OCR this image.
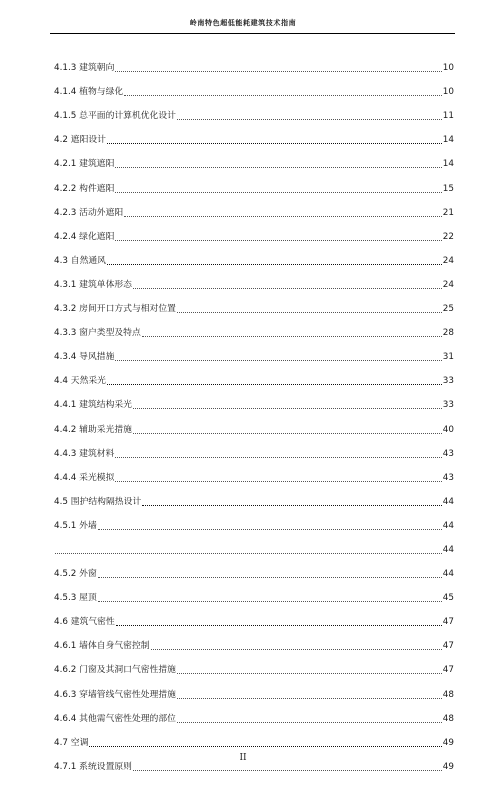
岭南特色超低能耗建筑技术指南
4.1.3 建筑朝向	10
4.1.4 植物与绿化	10
4.1.5 总平面的计算机优化设计	11
4.2 遮阳设计	14
4.2.1 建筑遮阳	14
4.2.2 构件遮阳	15
4.2.3 活动外遮阳	21
4.2.4 绿化遮阳	22
4.3 自然通风	24
4.3.1 建筑单体形态	24
4.3.2 房间开口方式与相对位置	25
4.3.3 窗户类型及特点	28
4.3.4 导风措施	31
4.4 天然采光	33
4.4.1 建筑结构采光	33
4.4.2 辅助采光措施	40
4.4.3 建筑材料	43
4.4.4 采光模拟	43
4.5 围护结构隔热设计	44
4.5.1 外墙	44
44
4.5.2 外窗	44
4.5.3 屋顶	45
4.6 建筑气密性	47
4.6.1 墙体自身气密控制	47
4.6.2 门窗及其洞口气密性措施	47
4.6.3 穿墙管线气密性处理措施	48
4.6.4 其他需气密性处理的部位	48
4.7 空调	49
4.7.1 系统设置原则	49
II
